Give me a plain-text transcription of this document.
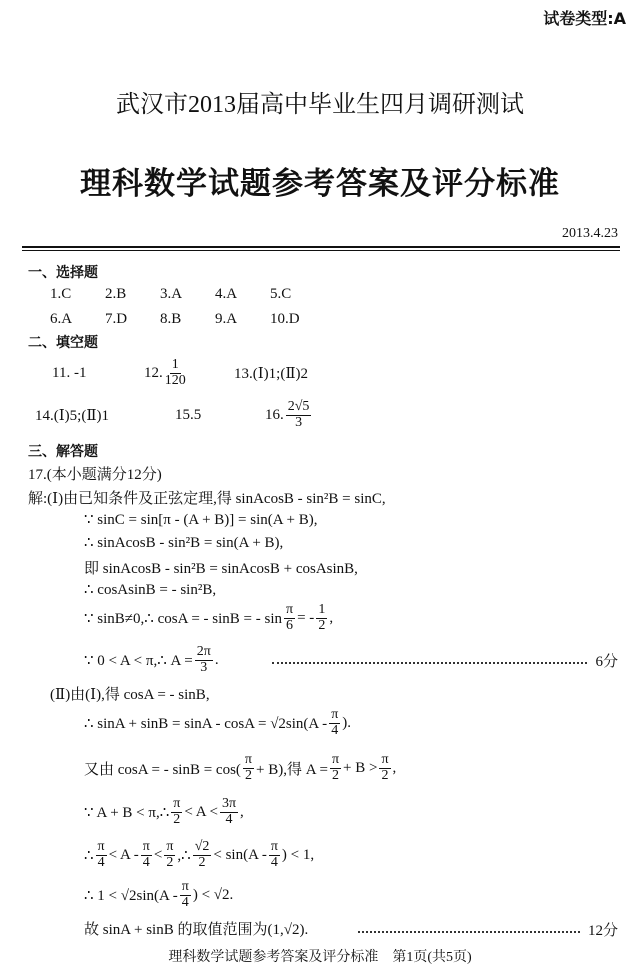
试卷类型:A
武汉市2013届高中毕业生四月调研测试
理科数学试题参考答案及评分标准
2013.4.23
一、选择题
1.C 2.B 3.A 4.A 5.C
6.A 7.D 8.B 9.A 10.D
二、填空题
11. -1	12. $\frac{1}{120}$	13.(Ⅰ)1;(Ⅱ)2
14.(Ⅰ)5;(Ⅱ)1	15.5	16. $\frac{2√5}{3}$
三、解答题
17.(本小题满分12分)
解:(Ⅰ)由已知条件及正弦定理,得 sinAcosB - sin²B = sinC,
∵ sinC = sin[π - (A + B)] = sin(A + B),
∴ sinAcosB - sin²B = sin(A + B),
即 sinAcosB - sin²B = sinAcosB + cosAsinB,
∴ cosAsinB = - sin²B,
∵ sinB≠0,∴ cosA = - sinB = - $\sin \frac{\pi}{6}$ = - $\frac{1}{2}$ ,
∵ 0 < A < π,∴ $A = \frac{2\pi}{3}$ .	6分
(Ⅱ)由(Ⅰ),得 cosA = - sinB,
∴ $\sin A + \sin B = \sin A - \cos A = √2\sin(A - \frac{\pi}{4}$ ).
又由 cosA = - $\sin B = \cos( \frac{\pi}{2} + B)$,得 $A = \frac{\pi}{2} + B > \frac{\pi}{2}$ ,
∵ A + B < π,∴ $\frac{\pi}{2} < A < \frac{3\pi}{4}$ ,
∴ $\frac{\pi}{4} < A - \frac{\pi}{4} < \frac{\pi}{2}$ ,∴ $\frac{√2}{2} < \sin(A - \frac{\pi}{4}$ ) < 1,
∴ $1 < √2\sin(A - \frac{\pi}{4}$ ) < √2.
故 sinA + sinB 的取值范围为(1,√2).	12分
理科数学试题参考答案及评分标准　第1页(共5页)
